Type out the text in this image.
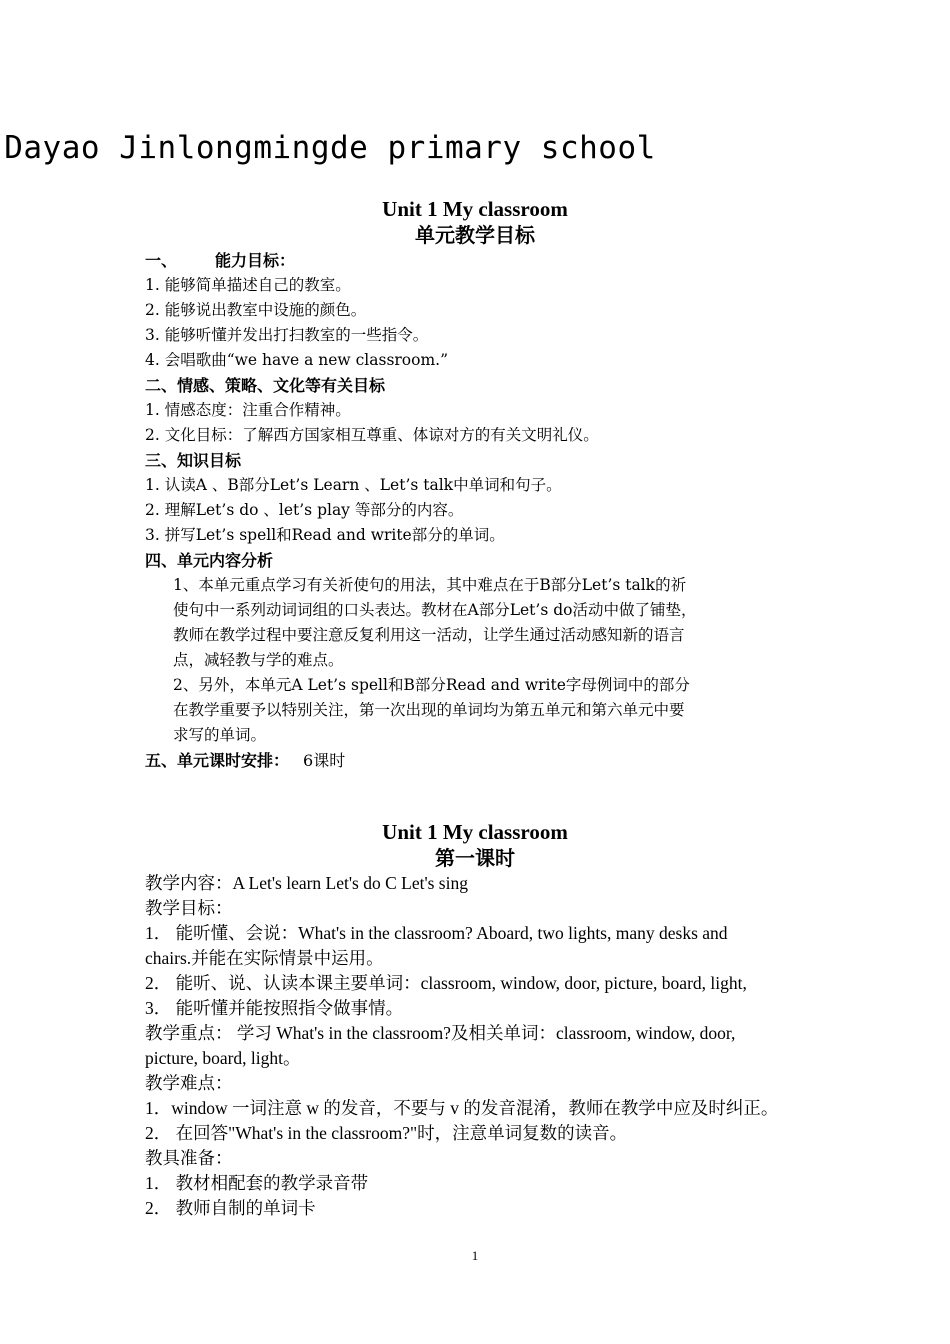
Dayao Jinlongmingde primary school

Unit 1 My classroom

单元教学目标

一、 能力目标：

1. 能够简单描述自己的教室。

2. 能够说出教室中设施的颜色。

3. 能够听懂并发出打扫教室的一些指令。

4. 会唱歌曲“we have a new classroom.”

二、情感、策略、文化等有关目标

1. 情感态度：注重合作精神。

2. 文化目标：了解西方国家相互尊重、体谅对方的有关文明礼仪。

三、知识目标

1. 认读A 、B部分Let’s Learn 、Let’s talk中单词和句子。

2. 理解Let’s do 、let’s play 等部分的内容。

3. 拼写Let’s spell和Read and write部分的单词。

四、单元内容分析

1、本单元重点学习有关祈使句的用法，其中难点在于B部分Let’s talk的祈

使句中一系列动词词组的口头表达。教材在A部分Let’s do活动中做了铺垫，

教师在教学过程中要注意反复利用这一活动，让学生通过活动感知新的语言

点，减轻教与学的难点。

2、另外，本单元A Let’s spell和B部分Read and write字母例词中的部分

在教学重要予以特别关注，第一次出现的单词均为第五单元和第六单元中要

求写的单词。

五、单元课时安排： 6课时

Unit 1 My classroom

第一课时

教学内容：A Let's learn Let's do C Let's sing

教学目标：

1． 能听懂、会说：What's in the classroom? Aboard, two lights, many desks and

chairs.并能在实际情景中运用。

2． 能听、说、认读本课主要单词：classroom, window, door, picture, board, light,

3． 能听懂并能按照指令做事情。

教学重点： 学习 What's in the classroom?及相关单词：classroom, window, door,

picture, board, light。

教学难点：

1．window 一词注意 w 的发音，不要与 v 的发音混淆，教师在教学中应及时纠正。

2． 在回答"What's in the classroom?"时，注意单词复数的读音。

教具准备：

1． 教材相配套的教学录音带

2． 教师自制的单词卡

1
